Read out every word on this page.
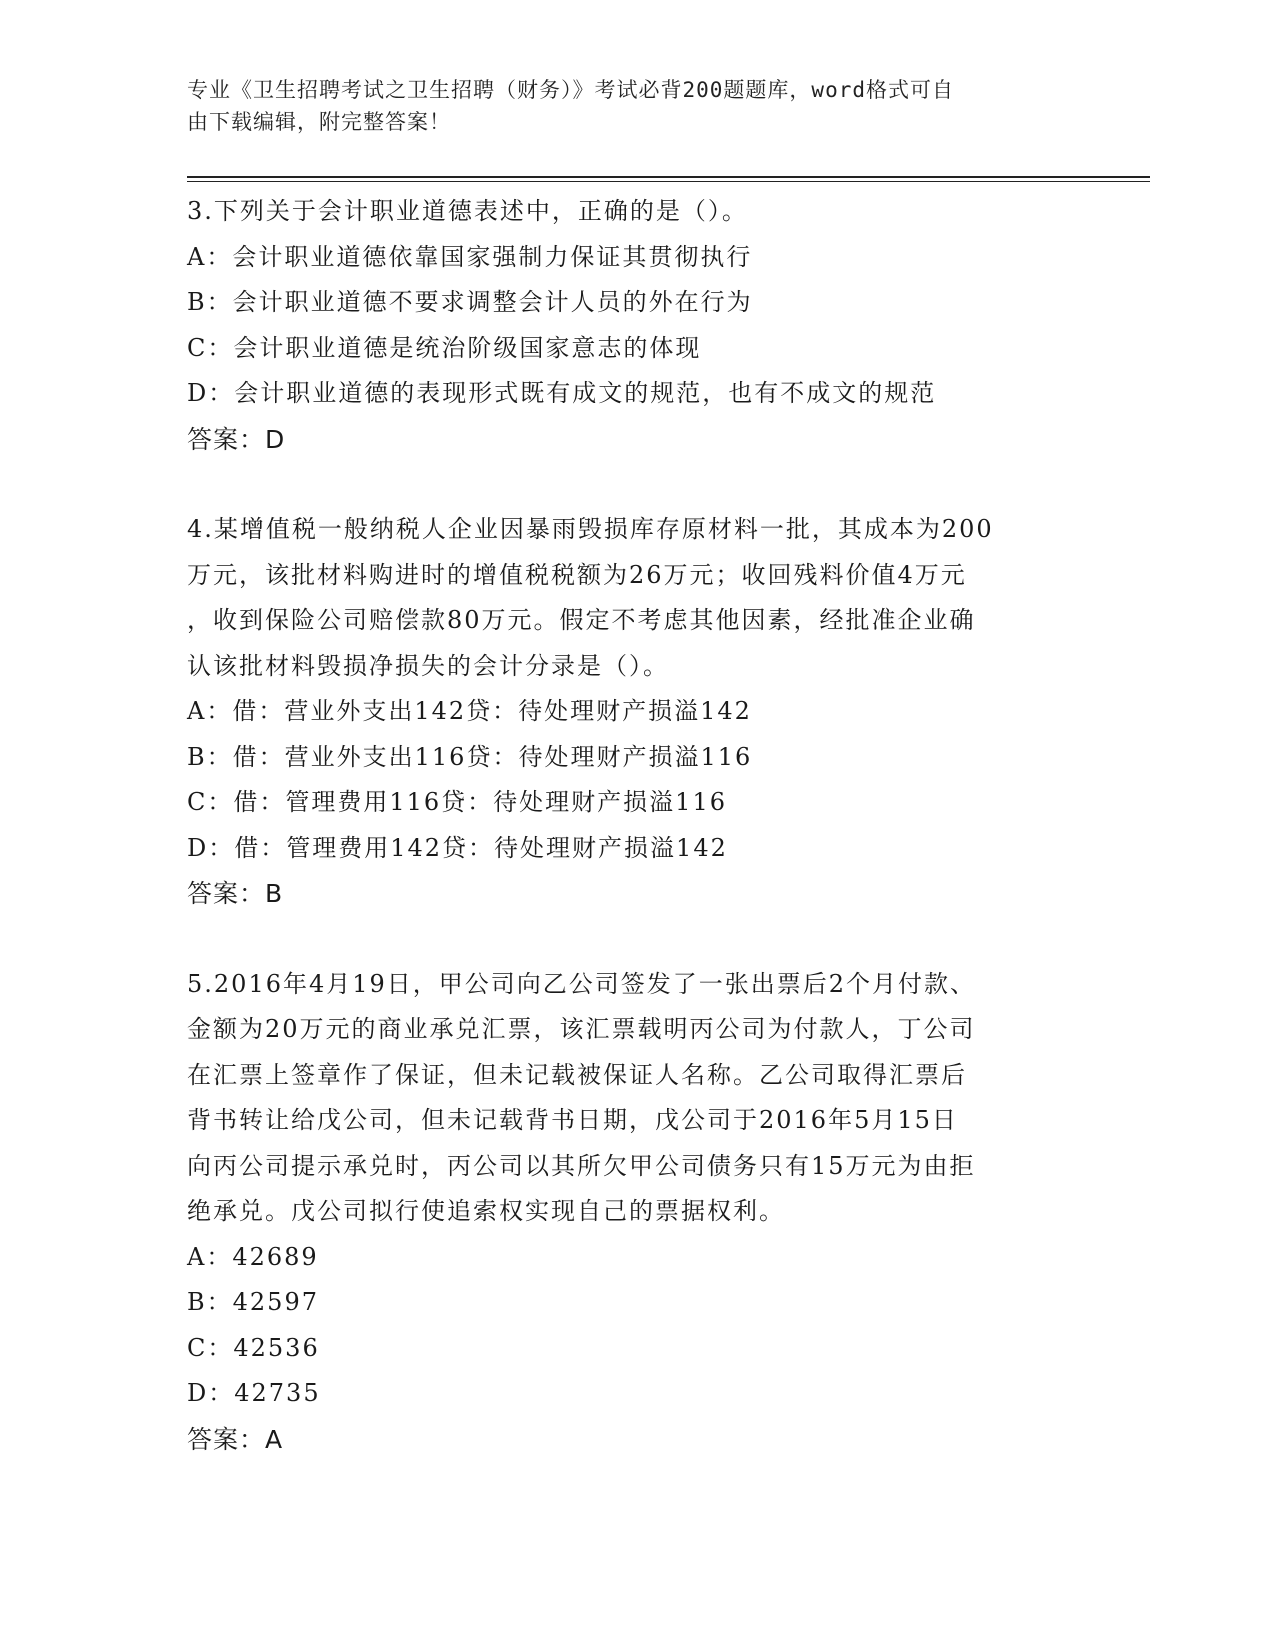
专业《卫生招聘考试之卫生招聘（财务）》考试必背200题题库，word格式可自
由下载编辑，附完整答案！

3.下列关于会计职业道德表述中，正确的是（）。

A：会计职业道德依靠国家强制力保证其贯彻执行

B：会计职业道德不要求调整会计人员的外在行为

C：会计职业道德是统治阶级国家意志的体现

D：会计职业道德的表现形式既有成文的规范，也有不成文的规范

答案：D

4.某增值税一般纳税人企业因暴雨毁损库存原材料一批，其成本为200

万元，该批材料购进时的增值税税额为26万元；收回残料价值4万元

，收到保险公司赔偿款80万元。假定不考虑其他因素，经批准企业确

认该批材料毁损净损失的会计分录是（）。

A：借：营业外支出142贷：待处理财产损溢142

B：借：营业外支出116贷：待处理财产损溢116

C：借：管理费用116贷：待处理财产损溢116

D：借：管理费用142贷：待处理财产损溢142

答案：B

5.2016年4月19日，甲公司向乙公司签发了一张出票后2个月付款、

金额为20万元的商业承兑汇票，该汇票载明丙公司为付款人，丁公司

在汇票上签章作了保证，但未记载被保证人名称。乙公司取得汇票后

背书转让给戊公司，但未记载背书日期，戊公司于2016年5月15日

向丙公司提示承兑时，丙公司以其所欠甲公司债务只有15万元为由拒

绝承兑。戊公司拟行使追索权实现自己的票据权利。

A：42689

B：42597

C：42536

D：42735

答案：A
